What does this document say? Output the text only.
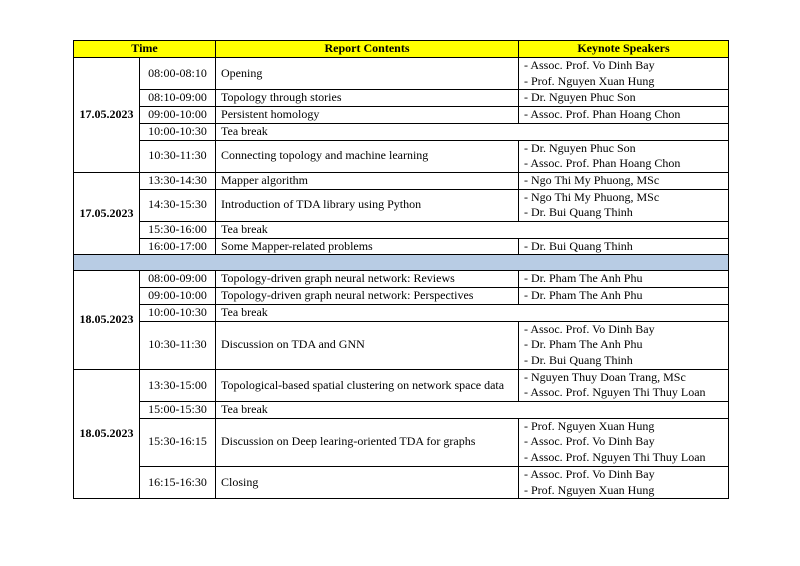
Time		Report Contents	Keynote Speakers
17.05.2023	08:00-08:10	Opening	- Assoc. Prof. Vo Dinh Bay
- Prof. Nguyen Xuan Hung

	08:10-09:00	Topology through stories	- Dr. Nguyen Phuc Son

	09:00-10:00	Persistent homology	- Assoc. Prof. Phan Hoang Chon

	10:00-10:30	Tea break	
	10:30-11:30	Connecting topology and machine learning	- Dr. Nguyen Phuc Son
- Assoc. Prof. Phan Hoang Chon

17.05.2023	13:30-14:30	Mapper algorithm	- Ngo Thi My Phuong, MSc

	14:30-15:30	Introduction of TDA library using Python	- Ngo Thi My Phuong, MSc
- Dr. Bui Quang Thinh

	15:30-16:00	Tea break	
	16:00-17:00	Some Mapper-related problems	- Dr. Bui Quang Thinh

18.05.2023	08:00-09:00	Topology-driven graph neural network: Reviews	- Dr. Pham The Anh Phu

	09:00-10:00	Topology-driven graph neural network: Perspectives	- Dr. Pham The Anh Phu

	10:00-10:30	Tea break	
	10:30-11:30	Discussion on TDA and GNN	- Assoc. Prof. Vo Dinh Bay
- Dr. Pham The Anh Phu
- Dr. Bui Quang Thinh

18.05.2023	13:30-15:00	Topological-based spatial clustering on network space data	- Nguyen Thuy Doan Trang, MSc
- Assoc. Prof. Nguyen Thi Thuy Loan

	15:00-15:30	Tea break	
	15:30-16:15	Discussion on Deep learing-oriented TDA for graphs	- Prof. Nguyen Xuan Hung
- Assoc. Prof. Vo Dinh Bay
- Assoc. Prof. Nguyen Thi Thuy Loan

	16:15-16:30	Closing	- Assoc. Prof. Vo Dinh Bay
- Prof. Nguyen Xuan Hung
